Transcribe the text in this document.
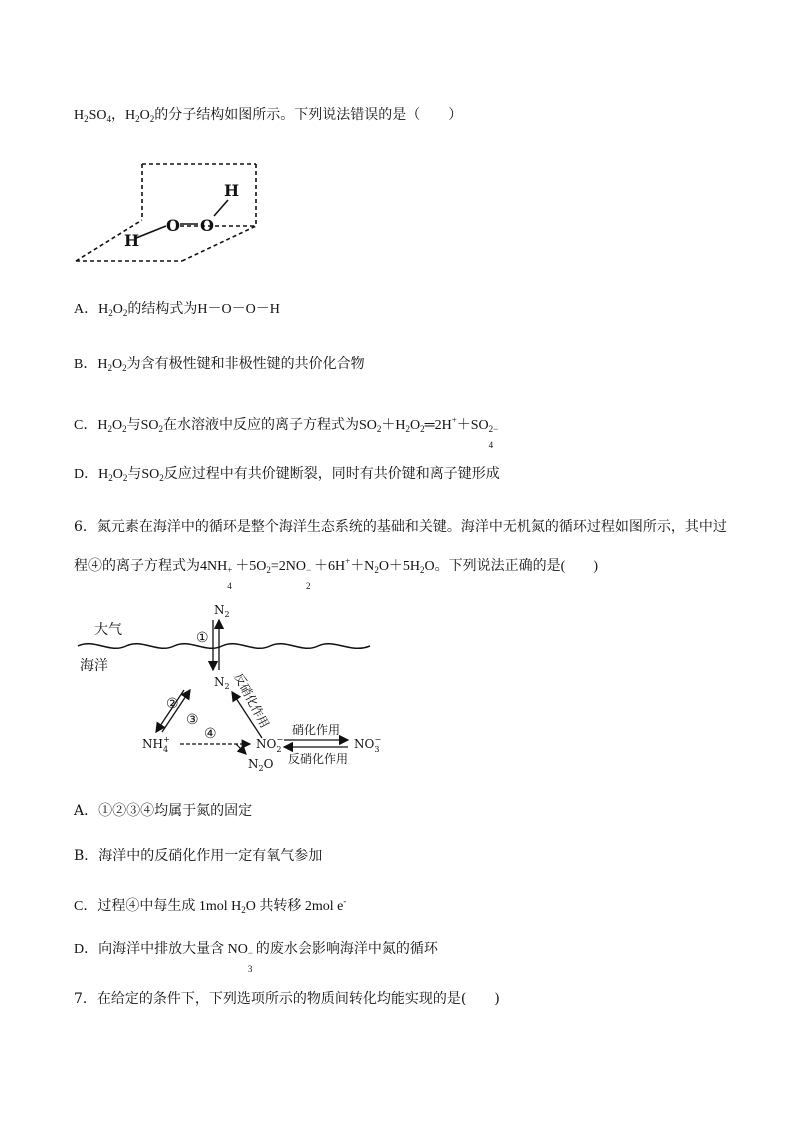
$H_2SO_4$，$H_2O_2$的分子结构如图所示。下列说法错误的是（　　）
H
O O
H
A．$H_2O_2$的结构式为H－O－O－H
B．$H_2O_2$为含有极性键和非极性键的共价化合物
C．$H_2O_2$与$SO_2$在水溶液中反应的离子方程式为$SO_2+H_2O_2═2H^++SO$ 2−
4
D．$H_2O_2$与$SO_2$反应过程中有共价键断裂，同时有共价键和离子键形成
6．氮元素在海洋中的循环是整个海洋生态系统的基础和关键。海洋中无机氮的循环过程如图所示，其中过
程④的离子方程式为4NH +
4
$+5O_2=2NO$ −
2
$+6H^++N_2O+5H_2O$。下列说法正确的是(　　)
大气
海洋
$N_2$
①
$N_2$
②
③	反硝化作用
$NH_4+$ ④
$NO_2-$
$N_2O$
硝化作用
反硝化作用
$NO_3-$
A．①②③④均属于氮的固定
B．海洋中的反硝化作用一定有氧气参加
C．过程④中每生成 1mol $H_2O$ 共转移 2mol e-
D．向海洋中排放大量含 NO −
3
的废水会影响海洋中氮的循环
7．在给定的条件下，下列选项所示的物质间转化均能实现的是(　　)
